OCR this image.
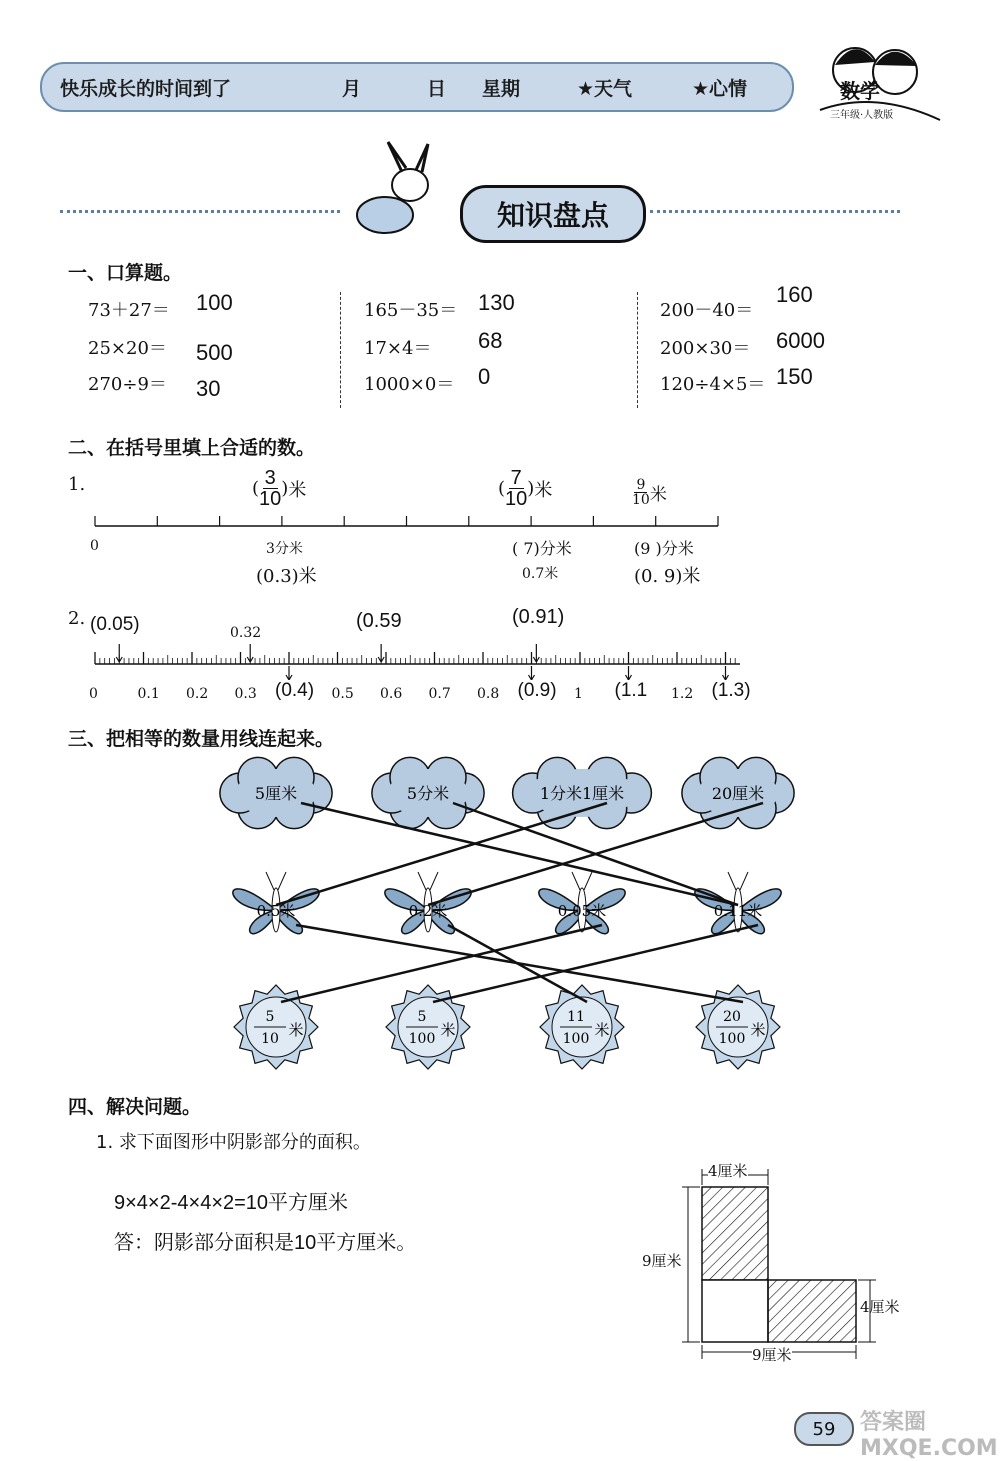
快乐成长的时间到了	月	日 星期	★天气	★心情	数学
三年级·人教版
知识盘点
一、口算题。
73＋27＝ 100
25×20＝ 500
270÷9＝ 30
165－35＝ 130
17×4＝ 68
1000×0＝ 0
200－40＝
160
200×30＝ 6000
120÷4×5＝ 150
二、在括号里填上合适的数。
1.	( $\frac{3}{10}$ ) 米	( $\frac{7}{10}$ ) 米	$\frac{9}{10}$ 米
0	3分米
(0.3)米
( 7)分米
0.7米
(9 )分米
(0. 9)米
2. (0.05)	0.32
(0.59	(0.91)
0	0.1 0.2 0.3 (0.4) 0.5 0.6 0.7 0.8 (0.9) 1 (1.1 1.2 (1.3)
三、把相等的数量用线连起来。
5厘米	5分米	1分米1厘米	20厘米
0.5米	0.2米	0.05米	0.11米
5
10 米
5
100 米
11
100 米
20
100 米
四、解决问题。
1. 求下面图形中阴影部分的面积。
9×4×2-4×4×2=10平方厘米
答：阴影部分面积是10平方厘米。
4厘米
9厘米
4厘米
9厘米
59	答案圈 MXQE.COM
